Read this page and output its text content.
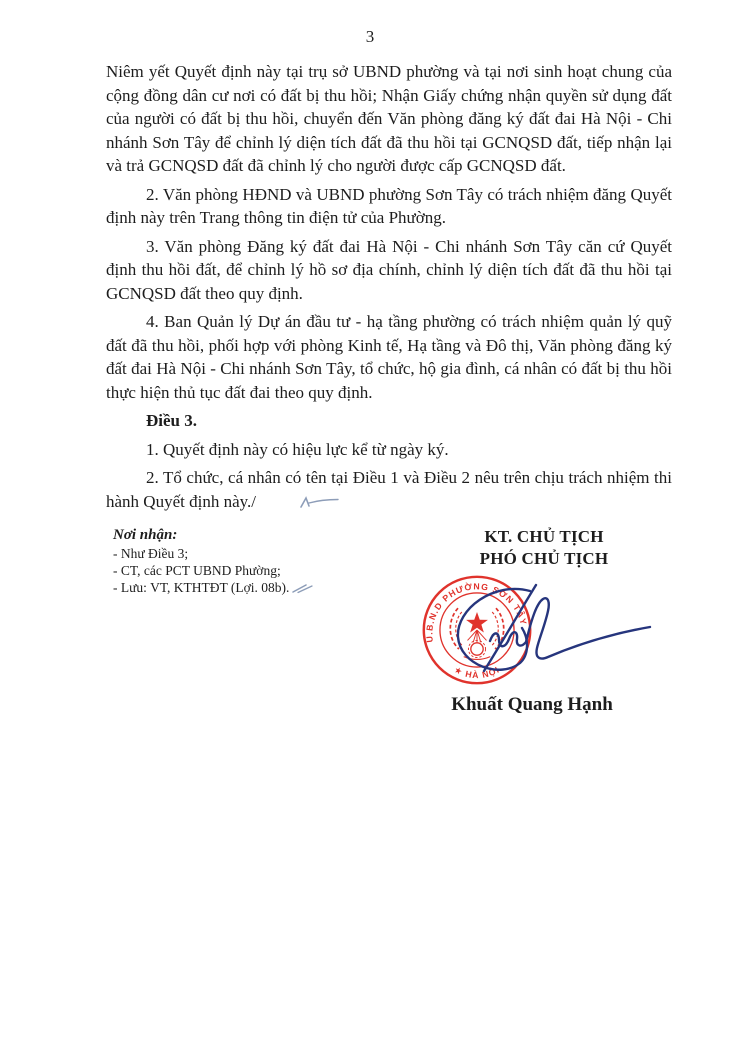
3

Niêm yết Quyết định này tại trụ sở UBND phường và tại nơi sinh hoạt chung của cộng đồng dân cư nơi có đất bị thu hồi; Nhận Giấy chứng nhận quyền sử dụng đất của người có đất bị thu hồi, chuyển đến Văn phòng đăng ký đất đai Hà Nội - Chi nhánh Sơn Tây để chỉnh lý diện tích đất đã thu hồi tại GCNQSD đất, tiếp nhận lại và trả GCNQSD đất đã chỉnh lý cho người được cấp GCNQSD đất.

2. Văn phòng HĐND và UBND phường Sơn Tây có trách nhiệm đăng Quyết định này trên Trang thông tin điện tử của Phường.

3. Văn phòng Đăng ký đất đai Hà Nội - Chi nhánh Sơn Tây căn cứ Quyết định thu hồi đất, để chỉnh lý hồ sơ địa chính, chỉnh lý diện tích đất đã thu hồi tại GCNQSD đất theo quy định.

4. Ban Quản lý Dự án đầu tư - hạ tầng phường có trách nhiệm quản lý quỹ đất đã thu hồi, phối hợp với phòng Kinh tế, Hạ tầng và Đô thị, Văn phòng đăng ký đất đai Hà Nội - Chi nhánh Sơn Tây, tổ chức, hộ gia đình, cá nhân có đất bị thu hồi thực hiện thủ tục đất đai theo quy định.

Điều 3.

1. Quyết định này có hiệu lực kể từ ngày ký.

2. Tổ chức, cá nhân có tên tại Điều 1 và Điều 2 nêu trên chịu trách nhiệm thi hành Quyết định này./

Nơi nhận:
- Như Điều 3;
- CT, các PCT UBND Phường;
- Lưu: VT, KTHTĐT (Lợi. 08b).
KT. CHỦ TỊCH
PHÓ CHỦ TỊCH
U.B.N.D PHƯỜNG SƠN TÂY
★ HÀ NỘI
Khuất Quang Hạnh
